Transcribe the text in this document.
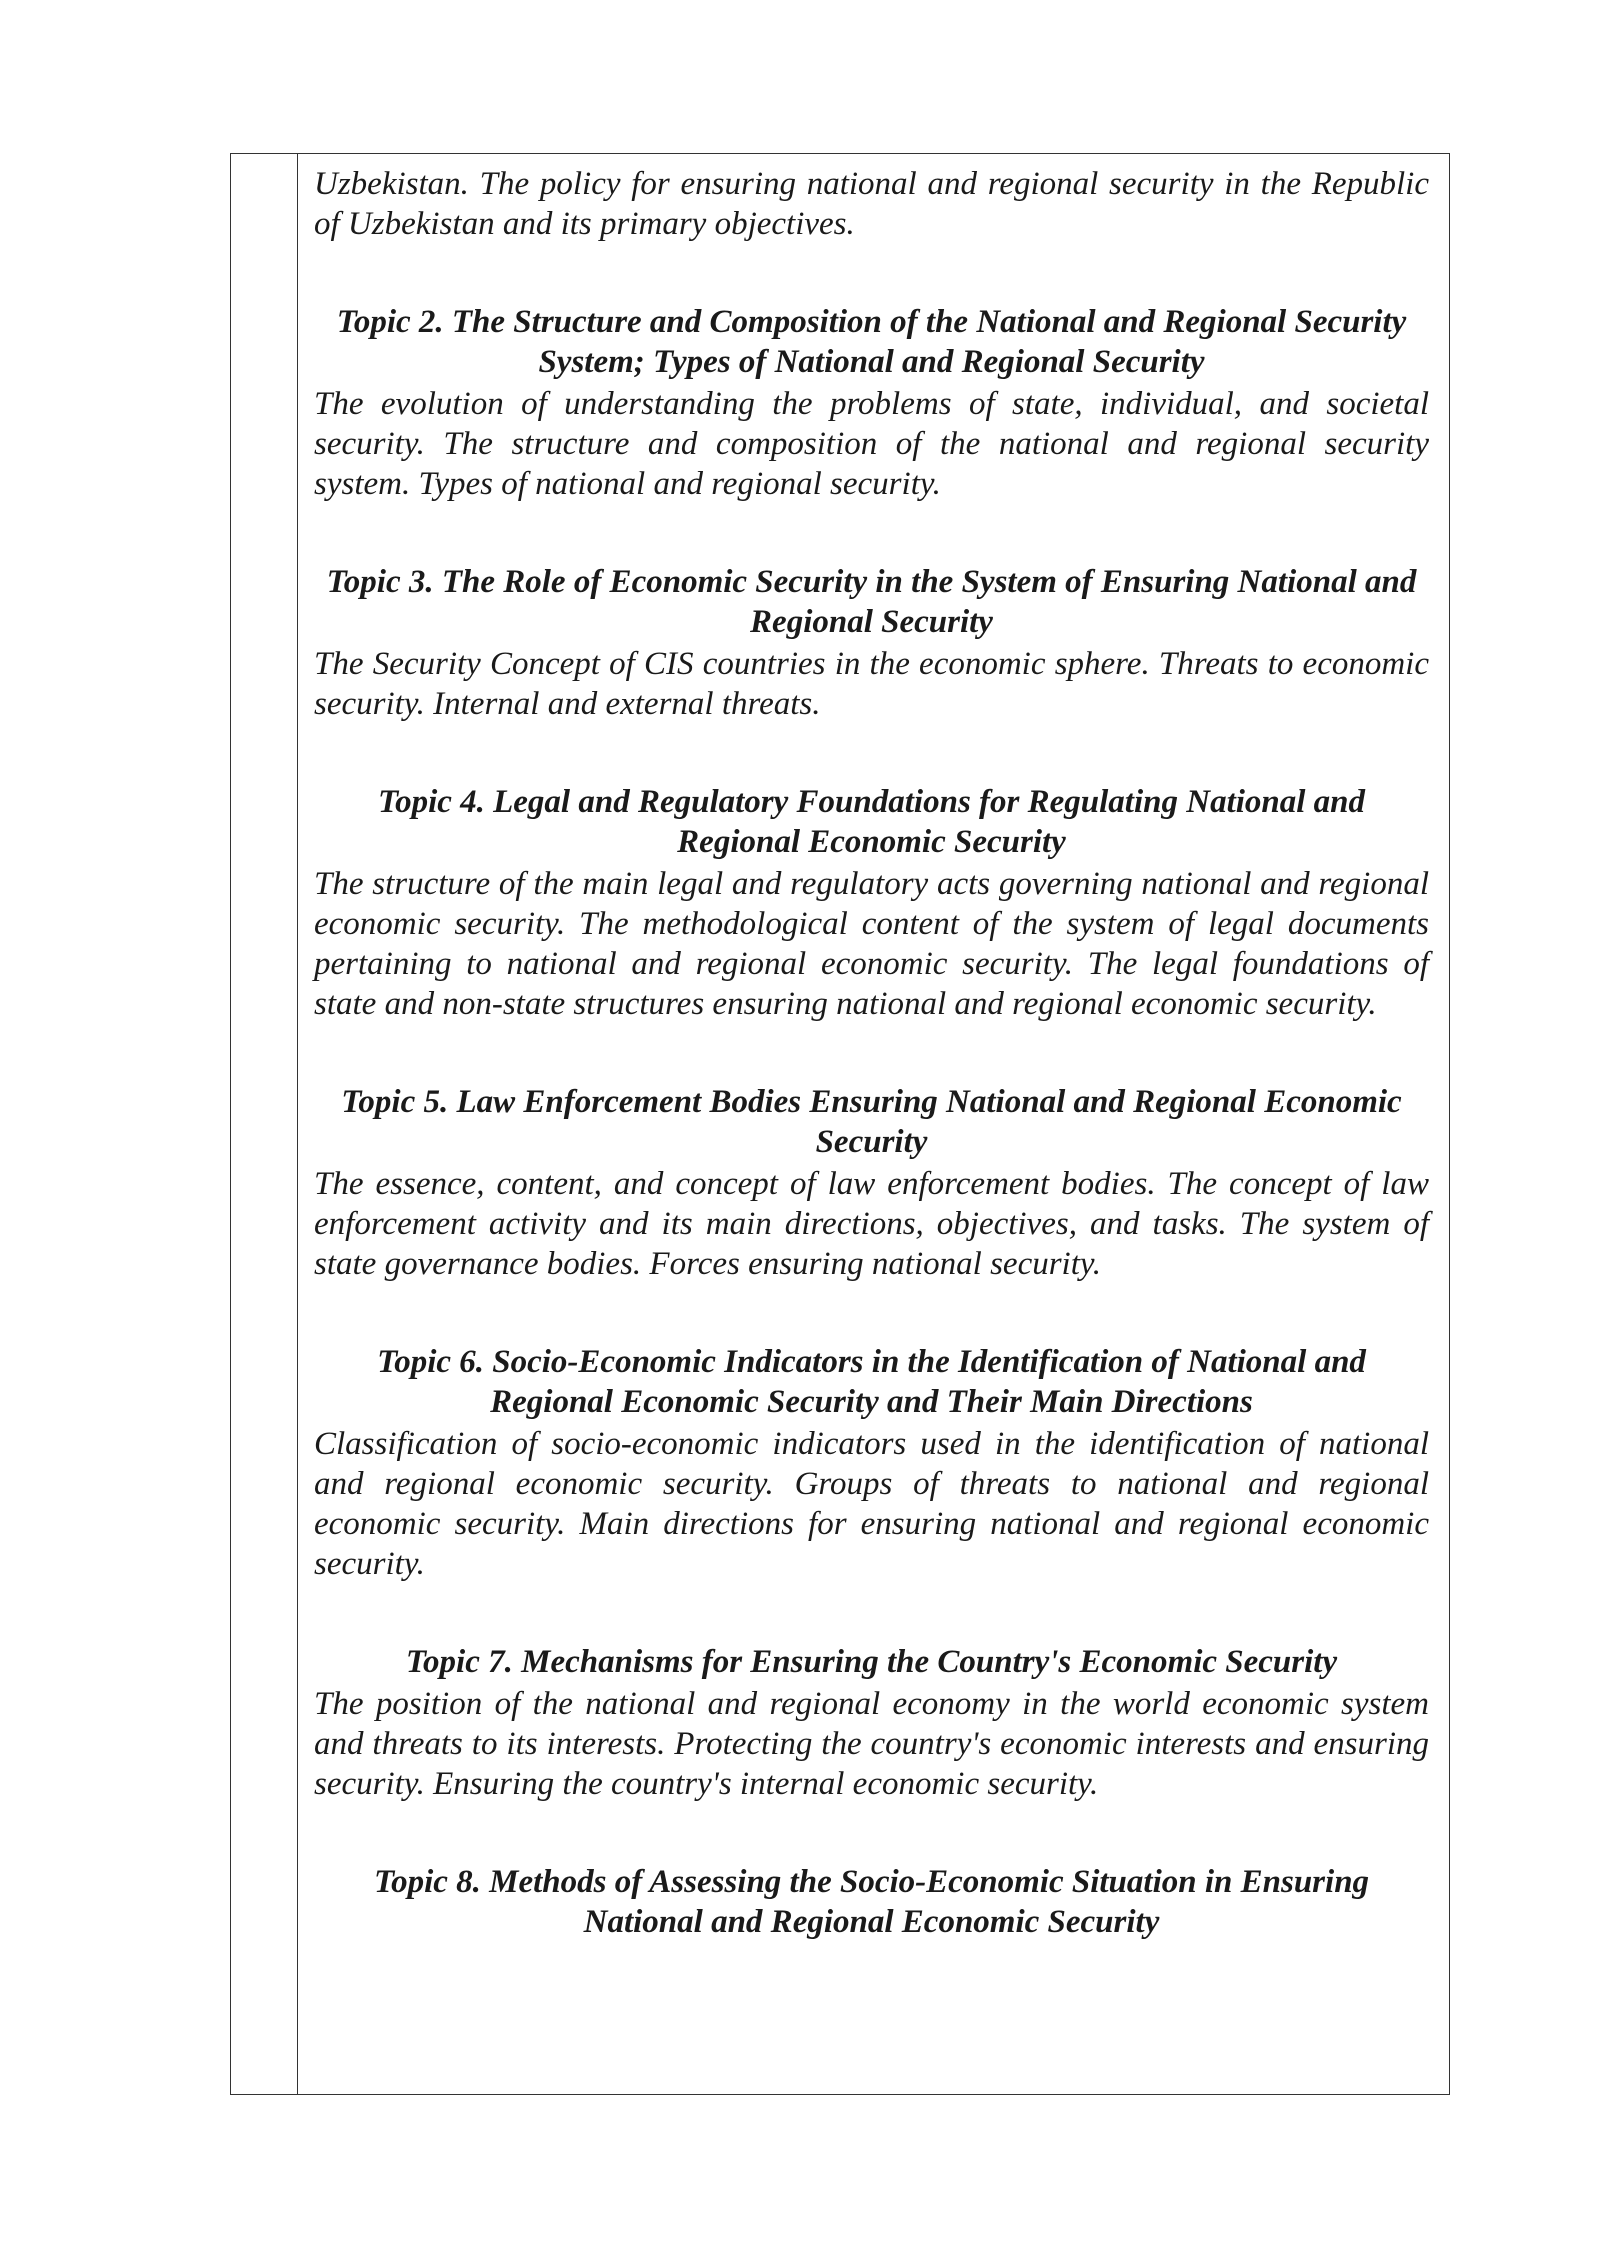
Uzbekistan. The policy for ensuring national and regional security in the Republic of Uzbekistan and its primary objectives.

Topic 2. The Structure and Composition of the National and Regional Security System; Types of National and Regional Security

The evolution of understanding the problems of state, individual, and societal security. The structure and composition of the national and regional security system. Types of national and regional security.

Topic 3. The Role of Economic Security in the System of Ensuring National and Regional Security

The Security Concept of CIS countries in the economic sphere. Threats to economic security. Internal and external threats.

Topic 4. Legal and Regulatory Foundations for Regulating National and Regional Economic Security

The structure of the main legal and regulatory acts governing national and regional economic security. The methodological content of the system of legal documents pertaining to national and regional economic security. The legal foundations of state and non-state structures ensuring national and regional economic security.

Topic 5. Law Enforcement Bodies Ensuring National and Regional Economic Security

The essence, content, and concept of law enforcement bodies. The concept of law enforcement activity and its main directions, objectives, and tasks. The system of state governance bodies. Forces ensuring national security.

Topic 6. Socio-Economic Indicators in the Identification of National and Regional Economic Security and Their Main Directions

Classification of socio-economic indicators used in the identification of national and regional economic security. Groups of threats to national and regional economic security. Main directions for ensuring national and regional economic security.

Topic 7. Mechanisms for Ensuring the Country's Economic Security

The position of the national and regional economy in the world economic system and threats to its interests. Protecting the country's economic interests and ensuring security. Ensuring the country's internal economic security.

Topic 8. Methods of Assessing the Socio-Economic Situation in Ensuring National and Regional Economic Security
